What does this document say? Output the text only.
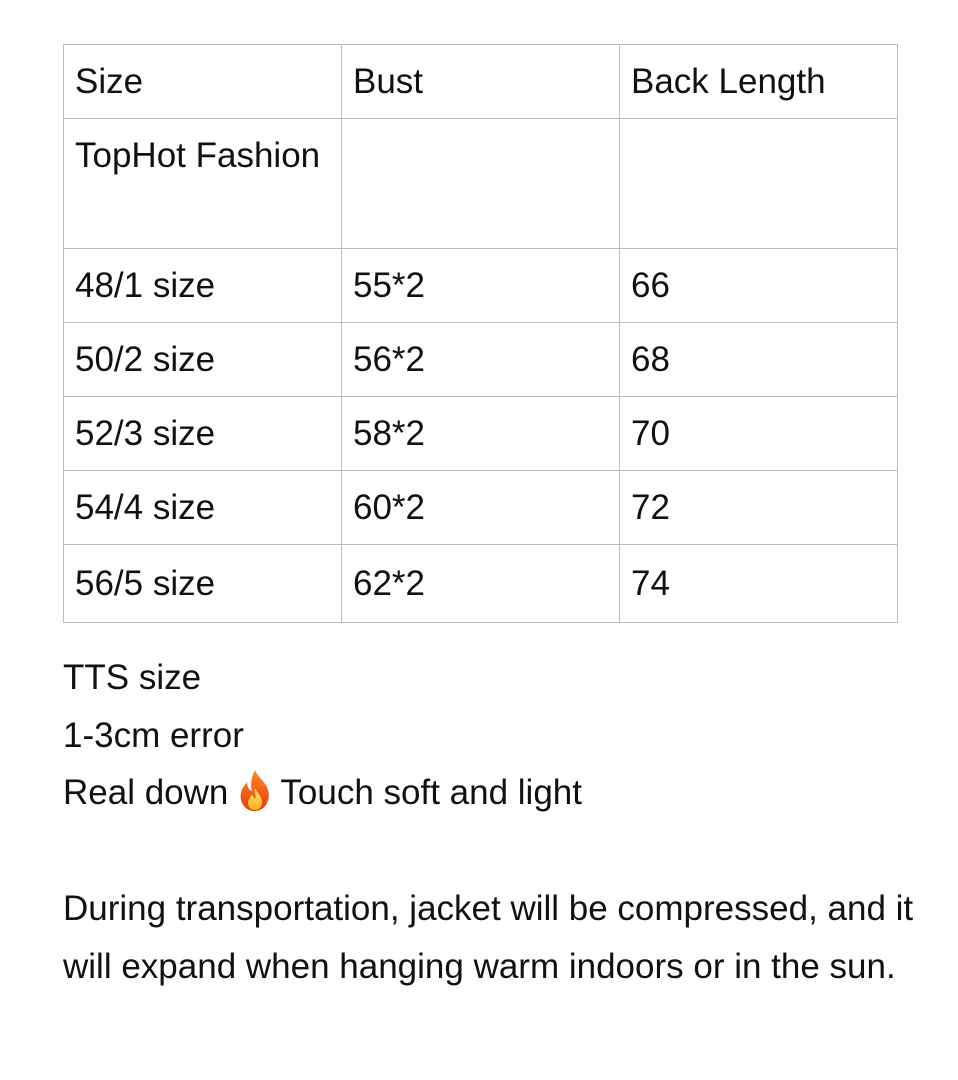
Size	Bust	Back Length
TopHot Fashion		
48/1 size	55*2	66
50/2 size	56*2	68
52/3 size	58*2	70
54/4 size	60*2	72
56/5 size	62*2	74
TTS size
1-3cm error
Real down Touch soft and light
During transportation, jacket will be compressed, and it will expand when hanging warm indoors or in the sun.
